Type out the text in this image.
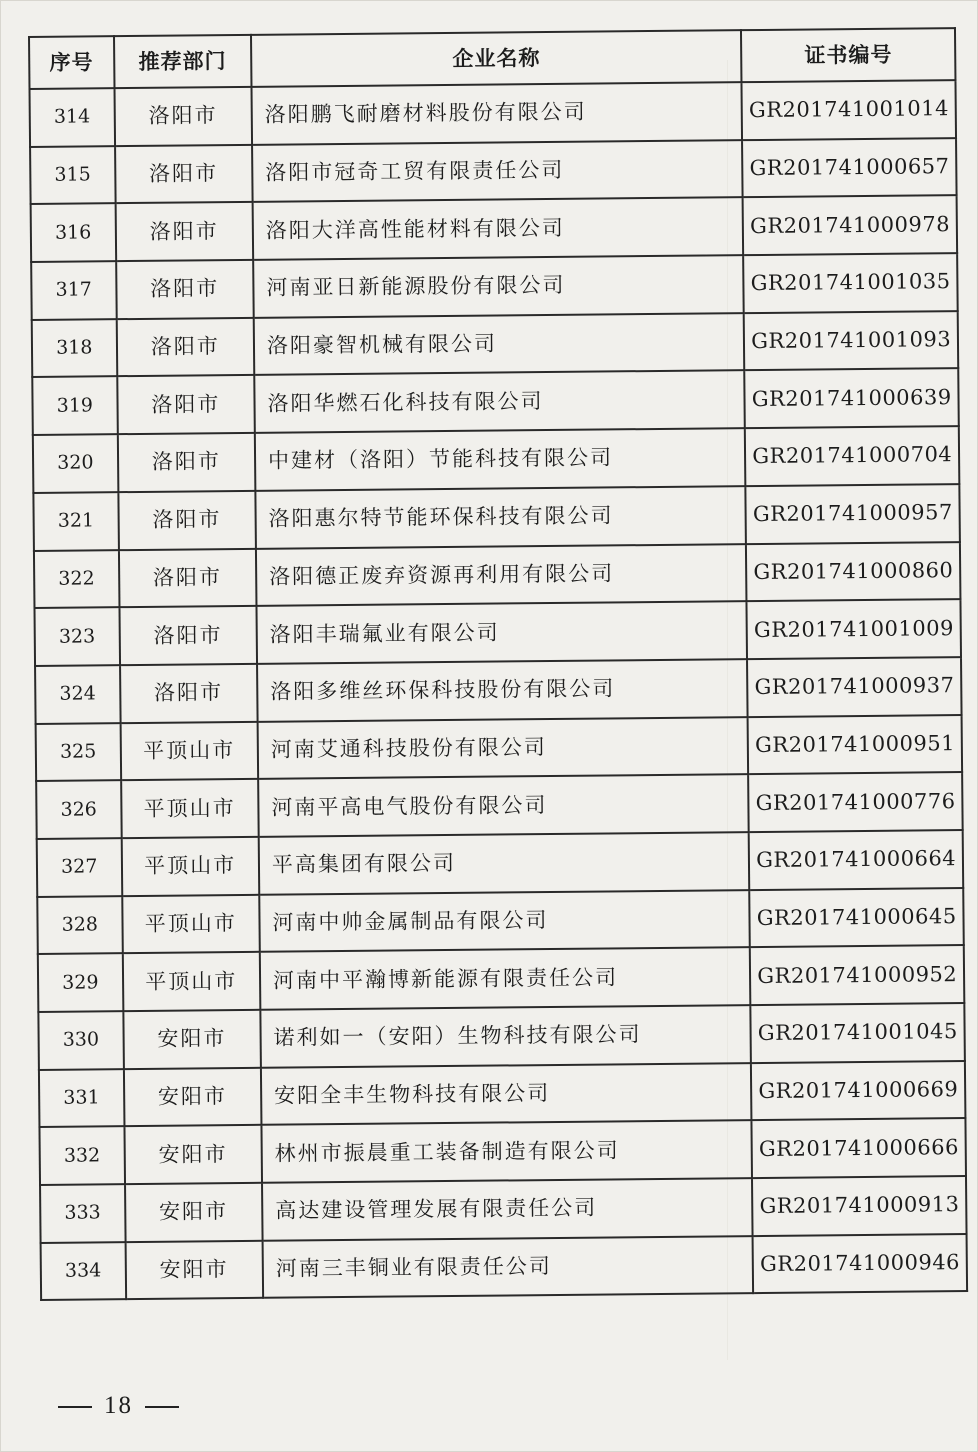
序号	推荐部门	企业名称	证书编号
314	洛阳市	洛阳鹏飞耐磨材料股份有限公司	GR201741001014
315	洛阳市	洛阳市冠奇工贸有限责任公司	GR201741000657
316	洛阳市	洛阳大洋高性能材料有限公司	GR201741000978
317	洛阳市	河南亚日新能源股份有限公司	GR201741001035
318	洛阳市	洛阳豪智机械有限公司	GR201741001093
319	洛阳市	洛阳华燃石化科技有限公司	GR201741000639
320	洛阳市	中建材（洛阳）节能科技有限公司	GR201741000704
321	洛阳市	洛阳惠尔特节能环保科技有限公司	GR201741000957
322	洛阳市	洛阳德正废弃资源再利用有限公司	GR201741000860
323	洛阳市	洛阳丰瑞氟业有限公司	GR201741001009
324	洛阳市	洛阳多维丝环保科技股份有限公司	GR201741000937
325	平顶山市	河南艾通科技股份有限公司	GR201741000951
326	平顶山市	河南平高电气股份有限公司	GR201741000776
327	平顶山市	平高集团有限公司	GR201741000664
328	平顶山市	河南中帅金属制品有限公司	GR201741000645
329	平顶山市	河南中平瀚博新能源有限责任公司	GR201741000952
330	安阳市	诺利如一（安阳）生物科技有限公司	GR201741001045
331	安阳市	安阳全丰生物科技有限公司	GR201741000669
332	安阳市	林州市振晨重工装备制造有限公司	GR201741000666
333	安阳市	高达建设管理发展有限责任公司	GR201741000913
334	安阳市	河南三丰铜业有限责任公司	GR201741000946
18
